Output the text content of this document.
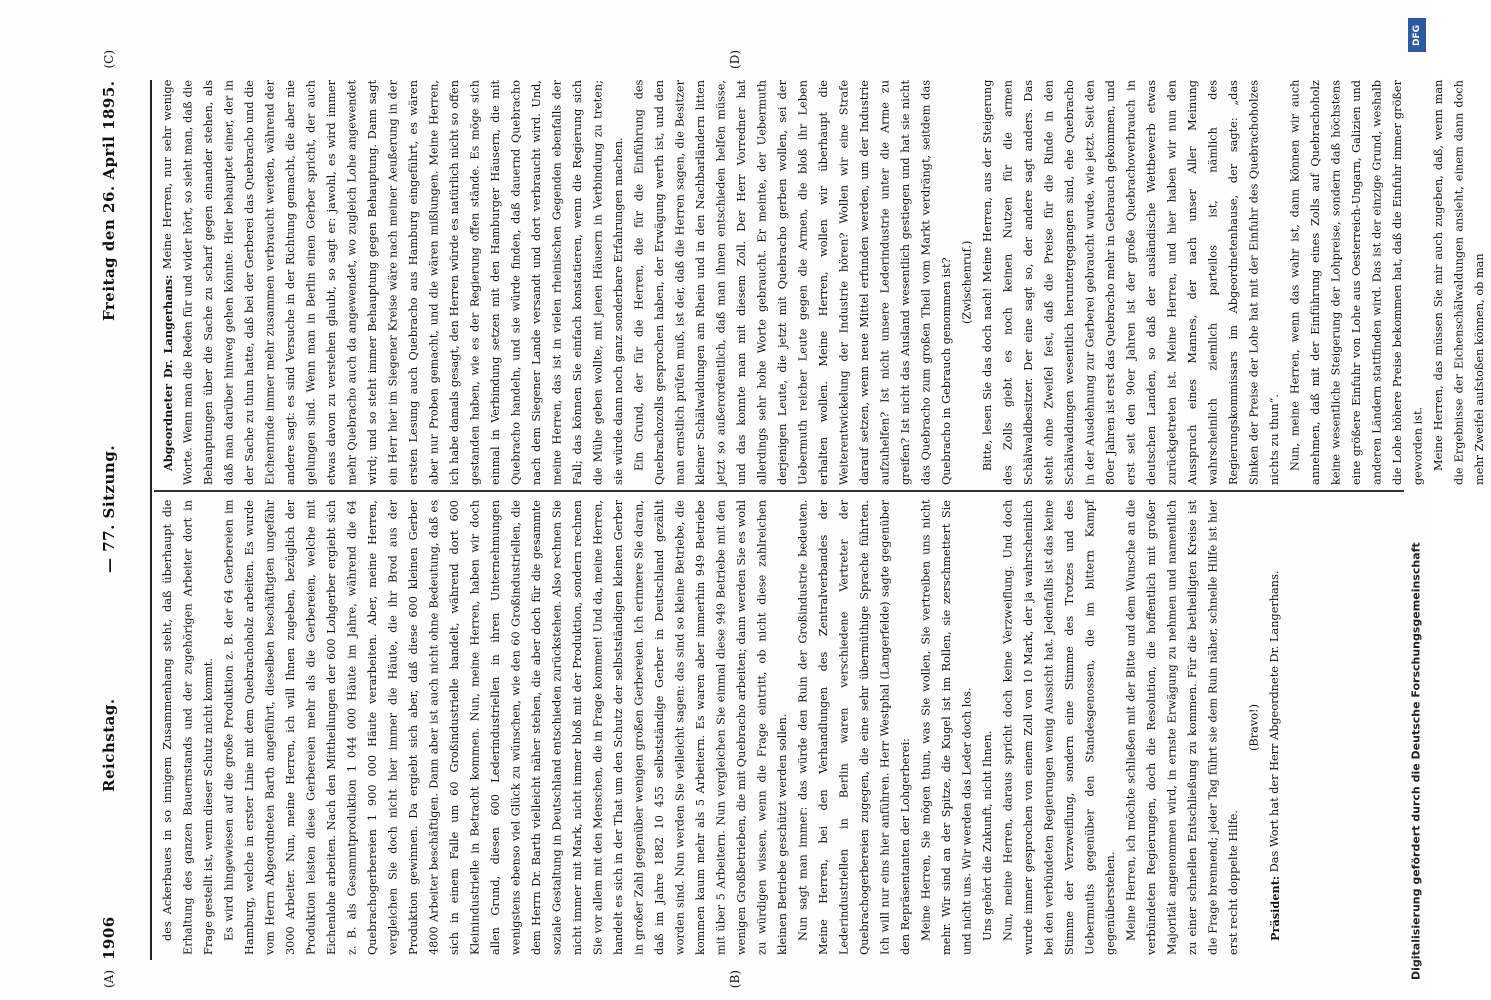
1906
Reichstag.
— 77. Sitzung.
Freitag den 26. April 1895.

des Ackerbaues in so innigem Zusammenhang steht, daß überhaupt die Erhaltung des ganzen Bauernstands und der zugehörigen Arbeiter dort in Frage gestellt ist, wenn dieser Schutz nicht kommt. Es wird hingewiesen auf die große Produktion z. B. der 64 Gerbereien im Hamburg, welche in erster Linie mit dem Quebrachoholz arbeiten. Es wurde vom Herrn Abgeordneten Barth angeführt, dieselben beschäftigten ungefähr 3000 Arbeiter. Nun, meine Herren, ich will Ihnen zugeben, bezüglich der Produktion leisten diese Gerbereien mehr als die Gerbereien, welche mit Eichenlohe arbeiten. Nach den Mittheilungen der 600 Lohgerber ergiebt sich z. B. als Gesammtproduktion 1 044 000 Häute im Jahre, während die 64 Quebrachogerbereien 1 900 000 Häute verarbeiten. Aber, meine Herren, vergleichen Sie doch nicht hier immer die Häute, die ihr Brod aus der Produktion gewinnen. Da ergiebt sich aber, daß diese 600 kleinen Gerber 4800 Arbeiter beschäftigen. Dann aber ist auch nicht ohne Bedeutung, daß es sich in einem Falle um 60 Großindustrielle handelt, während dort 600 Kleinindustrielle in Betracht kommen. Nun, meine Herren, haben wir doch allen Grund, diesen 600 Lederindustriellen in ihren Unternehmungen wenigstens ebenso viel Glück zu wünschen, wie den 60 Großindustriellen, die dem Herrn Dr. Barth vielleicht näher stehen, die aber doch für die gesammte soziale Gestaltung in Deutschland entschieden zurückstehen. Also rechnen Sie nicht immer mit Mark, nicht immer bloß mit der Produktion, sondern rechnen Sie vor allem mit den Menschen, die in Frage kommen! Und da, meine Herren, handelt es sich in der That um den Schutz der selbstständigen kleinen Gerber in großer Zahl gegenüber wenigen großen Gerbereien. Ich erinnere Sie daran, daß im Jahre 1882 10 455 selbstständige Gerber in Deutschland gezählt worden sind. Nun werden Sie vielleicht sagen: das sind so kleine Betriebe, die kommen kaum mehr als 5 Arbeitern. Es waren aber immerhin 949 Betriebe mit über 5 Arbeitern. Nun vergleichen Sie einmal diese 949 Betriebe mit den wenigen Großbetrieben, die mit Quebracho arbeiten; dann werden Sie es wohl zu würdigen wissen, wenn die Frage eintritt, ob nicht diese zahlreichen kleinen Betriebe geschützt werden sollen. Nun sagt man immer: das würde den Ruin der Großindustrie bedeuten. Meine Herren, bei den Verhandlungen des Zentralverbandes der Lederindustriellen in Berlin waren verschiedene Vertreter der Quebrachogerbereien zugegen, die eine sehr übermüthige Sprache führten. Ich will nur eins hier anführen. Herr Westphal (Langerfelde) sagte gegenüber den Repräsentanten der Lohgerberei: Meine Herren, Sie mögen thun, was Sie wollen, Sie vertreiben uns nicht mehr. Wir sind an der Spitze, die Kugel ist im Rollen, sie zerschmettert Sie und nicht uns. Wir werden das Leder doch los. Uns gehört die Zukunft, nicht Ihnen. Nun, meine Herren, daraus spricht doch keine Verzweiflung. Und doch wurde immer gesprochen von einem Zoll von 10 Mark, der ja wahrscheinlich bei den verbündeten Regierungen wenig Aussicht hat. Jedenfalls ist das keine Stimme der Verzweiflung, sondern eine Stimme des Trotzes und des Uebermuths gegenüber den Standesgenossen, die im bittern Kampf gegenüberstehen. Meine Herren, ich möchte schließen mit der Bitte und dem Wunsche an die verbündeten Regierungen, doch die Resolution, die hoffentlich mit großer Majorität angenommen wird, in ernste Erwägung zu nehmen und namentlich zu einer schnellen Entschließung zu kommen. Für die betheiligten Kreise ist die Frage brennend; jeder Tag führt sie dem Ruin näher, schnelle Hilfe ist hier erst recht doppelte Hilfe.

(Bravo!)

Präsident: Das Wort hat der Herr Abgeordnete Dr. Langerhans.

Abgeordneter Dr. Langerhans: Meine Herren, nur sehr wenige Worte. Wenn man die Reden für und wider hört, so sieht man, daß die Behauptungen über die Sache zu scharf gegen einander stehen, als daß man darüber hinweg gehen könnte. Hier behauptet einer, der in der Sache zu thun hatte, daß bei der Gerberei das Quebracho und die Eichenrinde immer mehr zusammen verbraucht werden, während der andere sagt: es sind Versuche in der Richtung gemacht, die aber nie gelungen sind. Wenn man in Berlin einen Gerber spricht, der auch etwas davon zu verstehen glaubt, so sagt er: jawohl, es wird immer mehr Quebracho auch da angewendet, wo zugleich Lohe angewendet wird; und so steht immer Behauptung gegen Behauptung. Dann sagt ein Herr hier im Siegener Kreise wäre nach meiner Aeußerung in der ersten Lesung auch Quebracho aus Hamburg eingeführt, es wären aber nur Proben gemacht, und die wären mißlungen. Meine Herren, ich habe damals gesagt, den Herren würde es natürlich nicht so offen gestanden haben, wie es der Regierung offen stände. Es möge sich einmal in Verbindung setzen mit den Hamburger Häusern, die mit Quebracho handeln, und sie würde finden, daß dauernd Quebracho nach dem Siegener Lande versandt und dort verbraucht wird. Und, meine Herren, das ist in vielen rheinischen Gegenden ebenfalls der Fall; das können Sie einfach konstatieren, wenn die Regierung sich die Mühe geben wollte, mit jenen Häusern in Verbindung zu treten; sie würde dann noch ganz sonderbare Erfahrungen machen. Ein Grund, der für die Herren, die für die Einführung des Quebrachozolls gesprochen haben, der Erwägung werth ist, und den man ernstlich prüfen muß, ist der, daß die Herren sagen, die Besitzer kleiner Schälwaldungen am Rhein und in den Nachbarländern litten jetzt so außerordentlich, daß man ihnen entschieden helfen müsse, und das konnte man mit diesem Zoll. Der Herr Vorredner hat allerdings sehr hohe Worte gebraucht. Er meinte, der Uebermuth derjenigen Leute, die jetzt mit Quebracho gerben wollen, sei der Uebermuth reicher Leute gegen die Armen, die bloß ihr Leben erhalten wollen. Meine Herren, wollen wir überhaupt die Weiterentwickelung der Industrie hören? Wollen wir eine Strafe darauf setzen, wenn neue Mittel erfunden werden, um der Industrie aufzuhelfen? Ist nicht unsere Lederindustrie unter die Arme zu greifen? Ist nicht das Ausland wesentlich gestiegen und hat sie nicht das Quebracho zum großen Theil vom Markt verdrängt, seitdem das Quebracho in Gebrauch genommen ist? (Zwischenruf.) Bitte, lesen Sie das doch nach! Meine Herren, aus der Steigerung des Zolls giebt es noch keinen Nutzen für die armen Schälwaldbesitzer. Der eine sagt so, der andere sagt anders. Das steht ohne Zweifel fest, daß die Preise für die Rinde in den Schälwaldungen wesentlich heruntergegangen sind, ehe Quebracho in der Ausdehnung zur Gerberei gebraucht wurde, wie jetzt. Seit den 80er Jahren ist erst das Quebracho mehr in Gebrauch gekommen, und erst seit den 90er Jahren ist der große Quebrachoverbrauch in deutschen Landen, so daß der ausländische Wettbewerb etwas zurückgetreten ist. Meine Herren, und hier haben wir nun den Ausspruch eines Mannes, der nach unser Aller Meinung wahrscheinlich ziemlich parteilos ist, nämlich des Regierungskommissars im Abgeordnetenhause, der sagte: „das Sinken der Preise der Lohe hat mit der Einfuhr des Quebrachoholzes nichts zu thun“. Nun, meine Herren, wenn das wahr ist, dann können wir auch annehmen, daß mit der Einführung eines Zolls auf Quebrachoholz keine wesentliche Steigerung der Lohpreise, sondern daß höchstens eine größere Einfuhr von Lohe aus Oesterreich-Ungarn, Galizien und anderen Ländern stattfinden wird. Das ist der einzige Grund, weshalb die Lohe höhere Preise bekommen hat, daß die Einfuhr immer größer geworden ist. Meine Herren, das müssen Sie mir auch zugeben, daß, wenn man die Ergebnisse der Eichenschälwaldungen ansieht, einem dann doch mehr Zweifel aufstoßen können, ob man

(A)	(B)
(C)	(D)
DFG
Digitalisierung gefördert durch die Deutsche Forschungsgemeinschaft
